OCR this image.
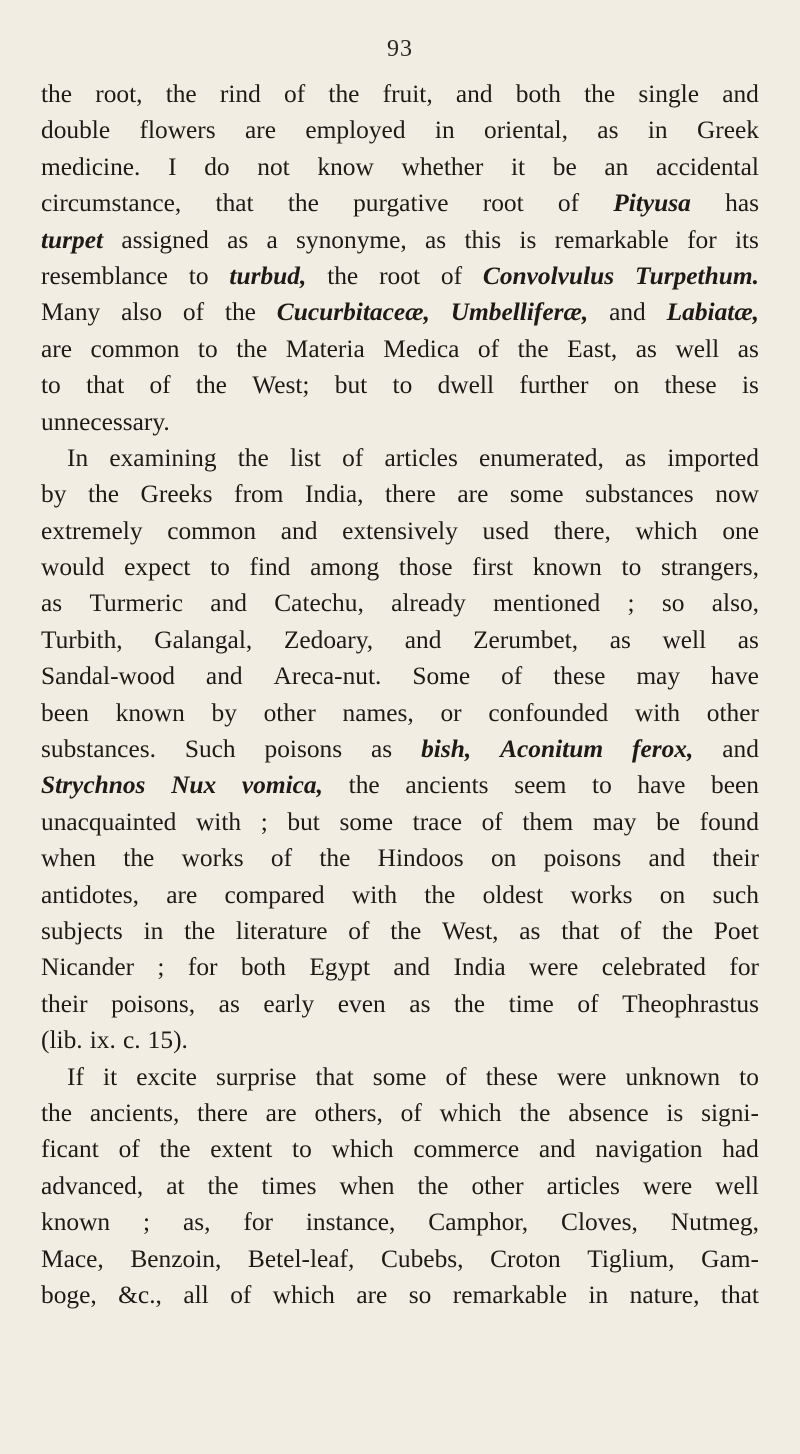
93
the root, the rind of the fruit, and both the single and
double flowers are employed in oriental, as in Greek
medicine. I do not know whether it be an accidental
circumstance, that the purgative root of Pityusa has
turpet assigned as a synonyme, as this is remarkable for its
resemblance to turbud, the root of Convolvulus Turpethum.
Many also of the Cucurbitaceæ, Umbelliferæ, and Labiatæ,
are common to the Materia Medica of the East, as well as
to that of the West; but to dwell further on these is
unnecessary.
In examining the list of articles enumerated, as imported
by the Greeks from India, there are some substances now
extremely common and extensively used there, which one
would expect to find among those first known to strangers,
as Turmeric and Catechu, already mentioned ; so also,
Turbith, Galangal, Zedoary, and Zerumbet, as well as
Sandal-wood and Areca-nut. Some of these may have
been known by other names, or confounded with other
substances. Such poisons as bish, Aconitum ferox, and
Strychnos Nux vomica, the ancients seem to have been
unacquainted with ; but some trace of them may be found
when the works of the Hindoos on poisons and their
antidotes, are compared with the oldest works on such
subjects in the literature of the West, as that of the Poet
Nicander ; for both Egypt and India were celebrated for
their poisons, as early even as the time of Theophrastus
(lib. ix. c. 15).
If it excite surprise that some of these were unknown to
the ancients, there are others, of which the absence is signi-
ficant of the extent to which commerce and navigation had
advanced, at the times when the other articles were well
known ; as, for instance, Camphor, Cloves, Nutmeg,
Mace, Benzoin, Betel-leaf, Cubebs, Croton Tiglium, Gam-
boge, &c., all of which are so remarkable in nature, that
